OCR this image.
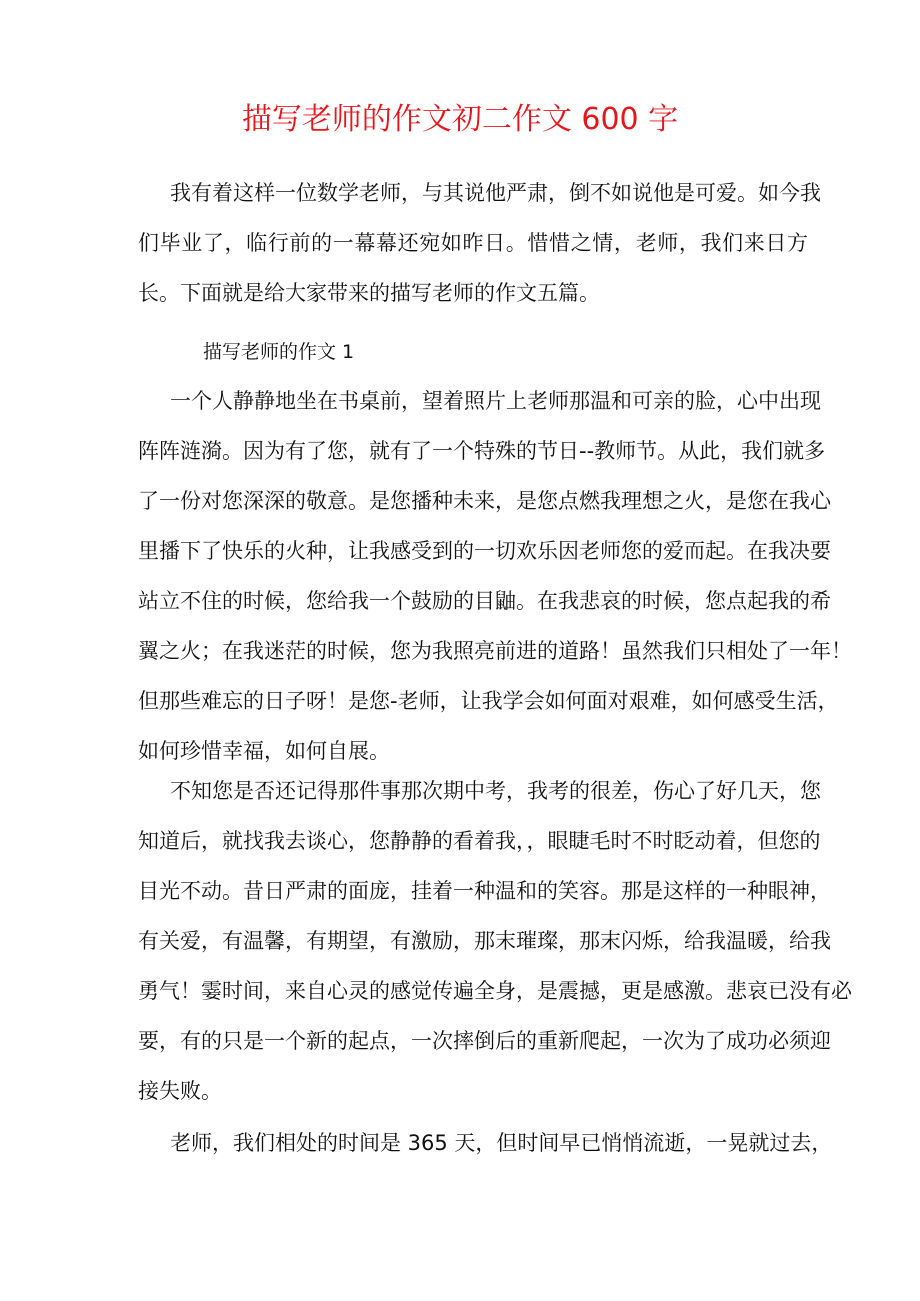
描写老师的作文初二作文 600 字
我有着这样一位数学老师，与其说他严肃，倒不如说他是可爱。如今我
们毕业了，临行前的一幕幕还宛如昨日。惜惜之情，老师，我们来日方
长。下面就是给大家带来的描写老师的作文五篇。
描写老师的作文 1
一个人静静地坐在书桌前，望着照片上老师那温和可亲的脸，心中出现
阵阵涟漪。因为有了您，就有了一个特殊的节日--教师节。从此，我们就多
了一份对您深深的敬意。是您播种未来，是您点燃我理想之火，是您在我心
里播下了快乐的火种，让我感受到的一切欢乐因老师您的爱而起。在我决要
站立不住的时候，您给我一个鼓励的目鼬。在我悲哀的时候，您点起我的希
翼之火；在我迷茫的时候，您为我照亮前进的道路！虽然我们只相处了一年！
但那些难忘的日子呀！是您-老师，让我学会如何面对艰难，如何感受生活，
如何珍惜幸福，如何自展。
不知您是否还记得那件事那次期中考，我考的很差，伤心了好几天，您
知道后，就找我去谈心，您静静的看着我，，眼睫毛时不时眨动着，但您的
目光不动。昔日严肃的面庞，挂着一种温和的笑容。那是这样的一种眼神，
有关爱，有温馨，有期望，有激励，那末璀璨，那末闪烁，给我温暖，给我
勇气！霎时间，来自心灵的感觉传遍全身，是震撼，更是感激。悲哀已没有必
要，有的只是一个新的起点，一次摔倒后的重新爬起，一次为了成功必须迎
接失败。
老师，我们相处的时间是 365 天，但时间早已悄悄流逝，一晃就过去，
